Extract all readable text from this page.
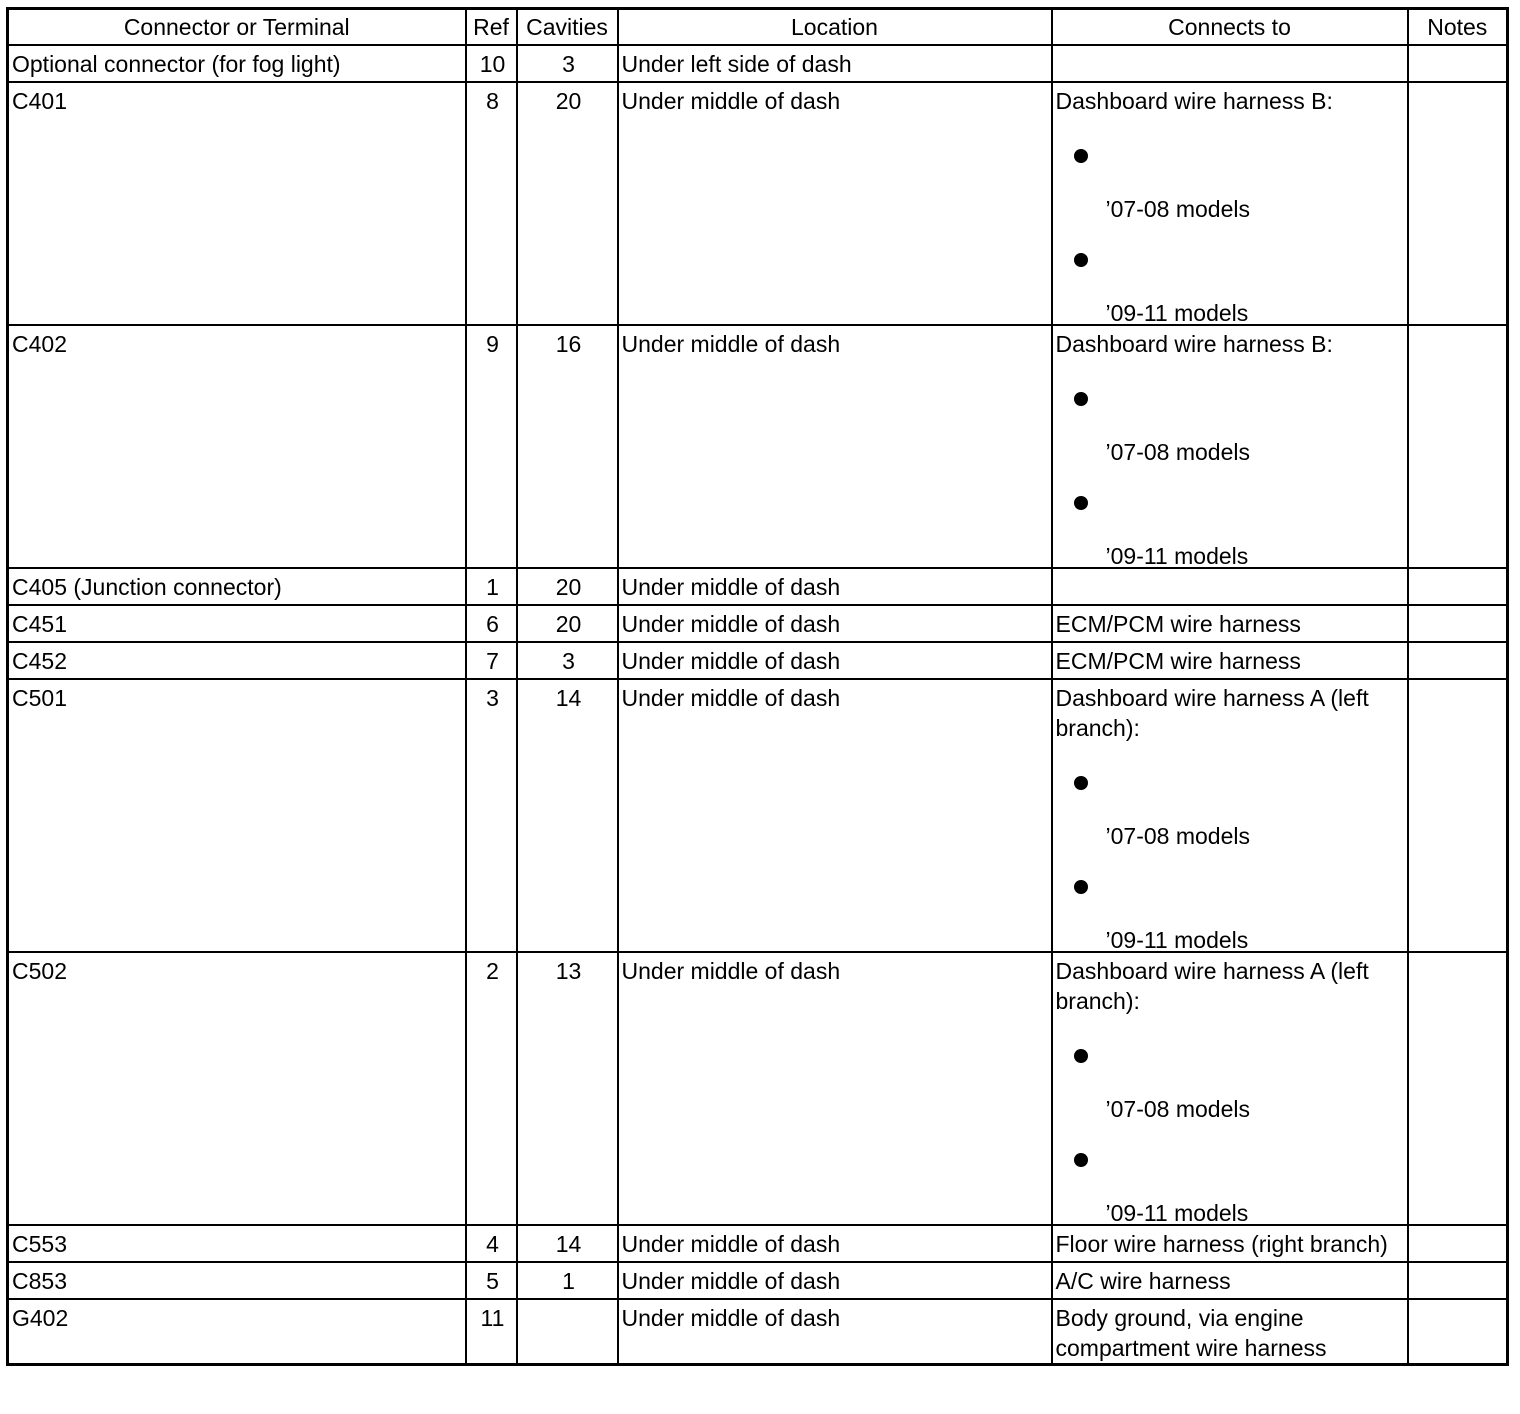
Connector or Terminal	Ref	Cavities	Location	Connects to	Notes
Optional connector (for fog light)	10	3	Under left side of dash	

C401	8	20	Under middle of dash	Dashboard wire harness B:
’07-08 models
’09-11 models	

C402	9	16	Under middle of dash	Dashboard wire harness B:
’07-08 models
’09-11 models	

C405 (Junction connector)	1	20	Under middle of dash	

C451	6	20	Under middle of dash	ECM/PCM wire harness	

C452	7	3	Under middle of dash	ECM/PCM wire harness	

C501	3	14	Under middle of dash	Dashboard wire harness A (left branch):
’07-08 models
’09-11 models	

C502	2	13	Under middle of dash	Dashboard wire harness A (left branch):
’07-08 models
’09-11 models	

C553	4	14	Under middle of dash	Floor wire harness (right branch)	

C853	5	1	Under middle of dash	A/C wire harness	

G402	11		Under middle of dash	Body ground, via engine compartment wire harness	
